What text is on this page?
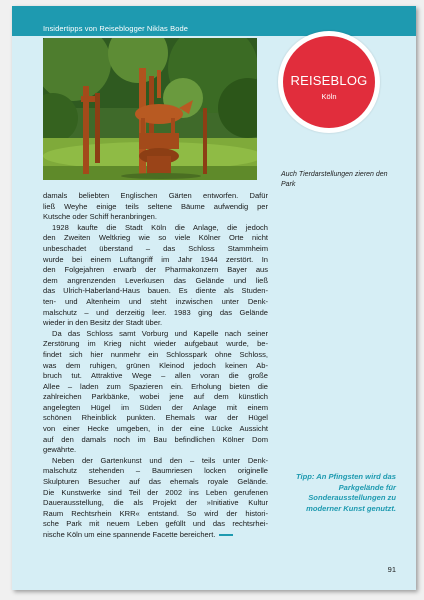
Insidertipps von Reiseblogger Niklas Bode
REISEBLOG
Köln
Auch Tierdarstellungen zieren den Park
damals beliebten Englischen Gärten entworfen. Dafür
ließ Weyhe einige teils seltene Bäume aufwendig per
Kutsche oder Schiff heranbringen.
1928 kaufte die Stadt Köln die Anlage, die jedoch
den Zweiten Weltkrieg wie so viele Kölner Orte nicht
unbeschadet überstand – das Schloss Stammheim
wurde bei einem Luftangriff im Jahr 1944 zerstört. In
den Folgejahren erwarb der Pharmakonzern Bayer aus
dem angrenzenden Leverkusen das Gelände und ließ
das Ulrich-Haberland-Haus bauen. Es diente als Studen-
ten- und Altenheim und steht inzwischen unter Denk-
malschutz – und derzeitig leer. 1983 ging das Gelände
wieder in den Besitz der Stadt über.
Da das Schloss samt Vorburg und Kapelle nach seiner
Zerstörung im Krieg nicht wieder aufgebaut wurde, be-
findet sich hier nunmehr ein Schlosspark ohne Schloss,
was dem ruhigen, grünen Kleinod jedoch keinen Ab-
bruch tut. Attraktive Wege – allen voran die große
Allee – laden zum Spazieren ein. Erholung bieten die
zahlreichen Parkbänke, wobei jene auf dem künstlich
angelegten Hügel im Süden der Anlage mit einem
schönen Rheinblick punkten. Ehemals war der Hügel
von einer Hecke umgeben, in der eine Lücke Aussicht
auf den damals noch im Bau befindlichen Kölner Dom
gewährte.
Neben der Gartenkunst und den – teils unter Denk-
malschutz stehenden – Baumriesen locken originelle
Skulpturen Besucher auf das ehemals royale Gelände.
Die Kunstwerke sind Teil der 2002 ins Leben gerufenen
Dauerausstellung, die als Projekt der »Initiative Kultur
Raum Rechtsrhein KRR« entstand. So wird der histori-
sche Park mit neuem Leben gefüllt und das rechtsrhei-
nische Köln um eine spannende Facette bereichert.
Tipp: An Pfingsten wird das Parkgelände für Sonderausstellungen zu moderner Kunst genutzt.
91
